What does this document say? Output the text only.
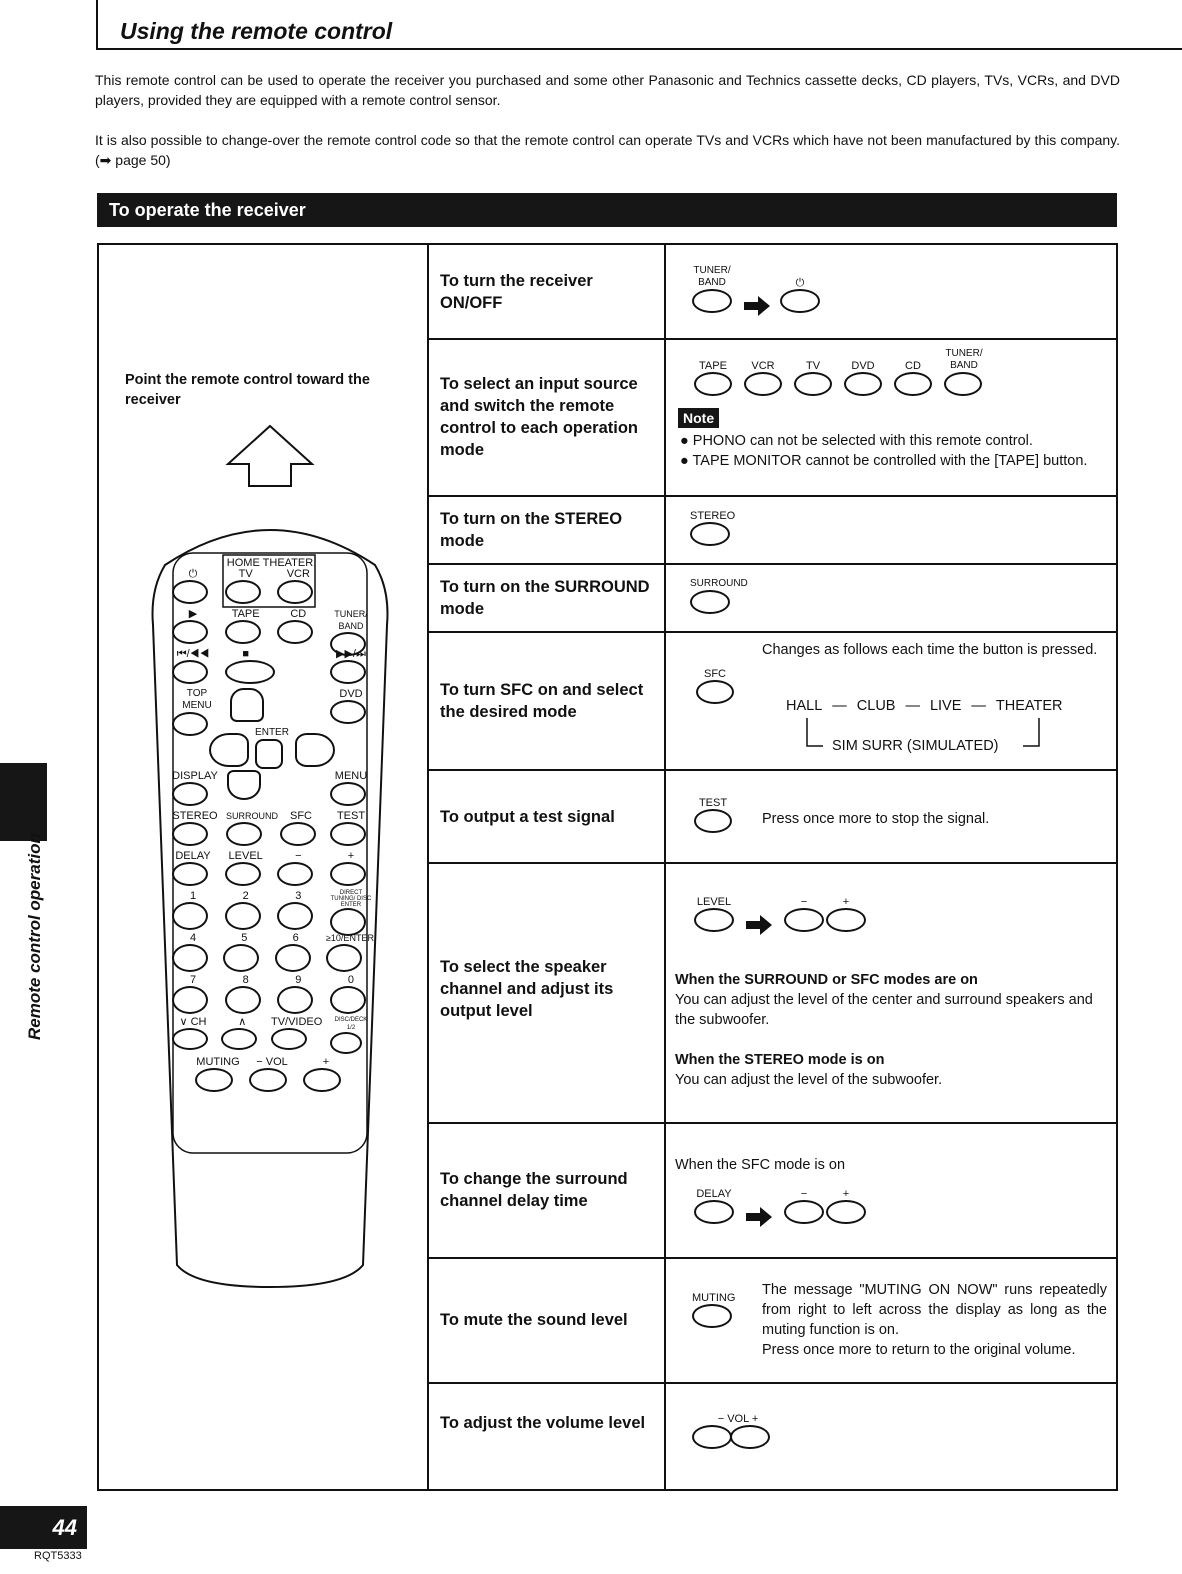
Using the remote control
This remote control can be used to operate the receiver you purchased and some other Panasonic and Technics cassette decks, CD players, TVs, VCRs, and DVD players, provided they are equipped with a remote control sensor.
It is also possible to change-over the remote control code so that the remote control can operate TVs and VCRs which have not been manufactured by this company. (➡ page 50)
To operate the receiver
Point the remote control toward the receiver
HOME THEATER
⏻	TV	VCR
▶	TAPE	CD	TUNER/ BAND
⏮/◀◀	■	▶▶/⏭
TOP MENU
DVD
ENTER
DISPLAY	MENU
STEREO SURROUND	SFC	TEST
DELAY	LEVEL	−	+
1	2	3	DIRECT TUNING/ DISC ENTER
4	5	6	≥10/ENTER
7	8	9	0
∨ CH	∧	TV/VIDEO	DISC/DECK 1/2
MUTING	− VOL	+
To turn the receiver ON/OFF
TUNER/ BAND	⏻
To select an input source and switch the remote control to each operation mode
TAPE	VCR	TV	DVD	CD
TUNER/ BAND
Note
● PHONO can not be selected with this remote control.
● TAPE MONITOR cannot be controlled with the [TAPE] button.
To turn on the STEREO mode
STEREO
To turn on the SURROUND mode
SURROUND
To turn SFC on and select the desired mode
SFC
Changes as follows each time the button is pressed.
HALL — CLUB — LIVE — THEATER
SIM SURR (SIMULATED)
To output a test signal
TEST
Press once more to stop the signal.
To select the speaker channel and adjust its output level
LEVEL	−	+
When the SURROUND or SFC modes are on
You can adjust the level of the center and surround speakers and the subwoofer.
When the STEREO mode is on
You can adjust the level of the subwoofer.
To change the surround channel delay time
When the SFC mode is on
DELAY	−	+
To mute the sound level
MUTING The message "MUTING ON NOW" runs repeatedly from right to left across the display as long as the muting function is on.
Press once more to return to the original volume.
To adjust the volume level	− VOL +
Remote control operation
44
RQT5333
